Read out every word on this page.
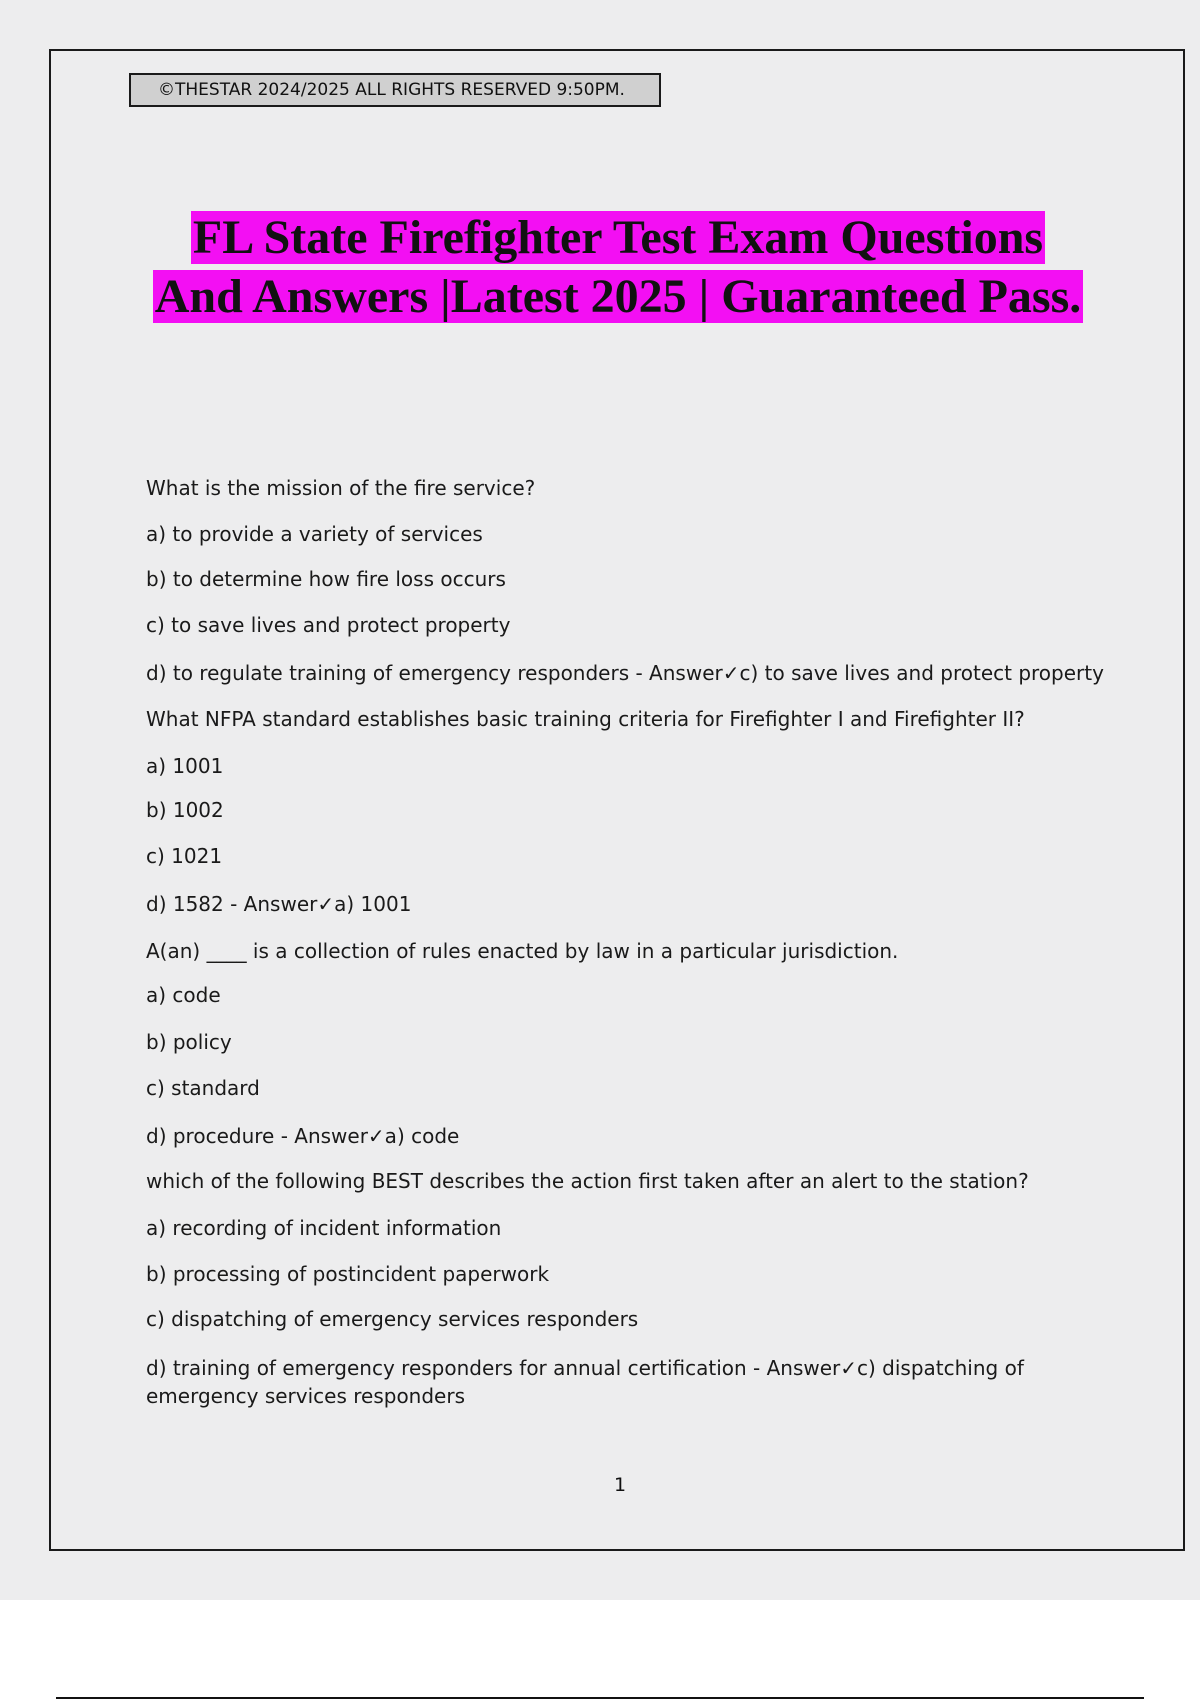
©THESTAR 2024/2025 ALL RIGHTS RESERVED 9:50PM.
FL State Firefighter Test Exam Questions
And Answers |Latest 2025 | Guaranteed Pass.
What is the mission of the fire service?
a) to provide a variety of services
b) to determine how fire loss occurs
c) to save lives and protect property
d) to regulate training of emergency responders - Answer✓c) to save lives and protect property
What NFPA standard establishes basic training criteria for Firefighter I and Firefighter II?
a) 1001
b) 1002
c) 1021
d) 1582 - Answer✓a) 1001
A(an) ____ is a collection of rules enacted by law in a particular jurisdiction.
a) code
b) policy
c) standard
d) procedure - Answer✓a) code
which of the following BEST describes the action first taken after an alert to the station?
a) recording of incident information
b) processing of postincident paperwork
c) dispatching of emergency services responders
d) training of emergency responders for annual certification - Answer✓c) dispatching of emergency services responders
1
